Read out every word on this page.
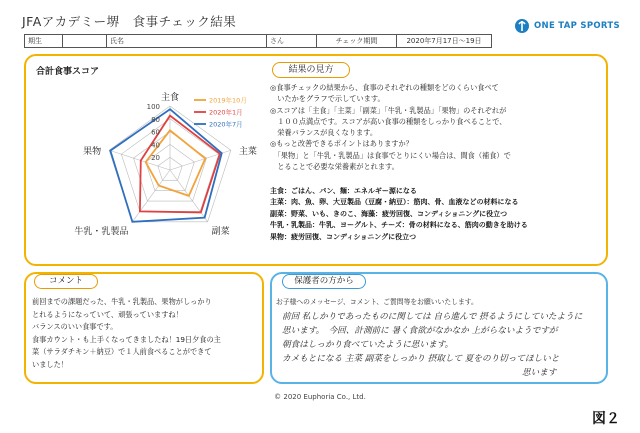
JFAアカデミー堺　食事チェック結果	ONE TAP SPORTS
期生		氏名	さん	チェック期間	2020年7月17日～19日
合計食事スコア
100
80
60
40
20
主食
主菜
副菜
牛乳・乳製品
果物
2019年10月
2020年1月
2020年7月
結果の見方

◎食事チェックの結果から、食事のそれぞれの種類をどのくらい食べて

　いたかをグラフで示しています。

◎スコアは「主食」「主菜」「副菜」「牛乳・乳製品」「果物」のそれぞれが

　１００点満点です。スコアが高い食事の種類をしっかり食べることで、

　栄養バランスが良くなります。

◎もっと改善できるポイントはありますか？

　「果物」と「牛乳・乳製品」は食事でとりにくい場合は、間食（補食）で

　とることで必要な栄養素がとれます。

主食：ごはん、パン、麺：エネルギー源になる

主菜：肉、魚、卵、大豆製品（豆腐・納豆）：筋肉、骨、血液などの材料になる

副菜：野菜、いも、きのこ、海藻：疲労回復、コンディショニングに役立つ

牛乳・乳製品：牛乳、ヨーグルト、チーズ：骨の材料になる、筋肉の動きを助ける

果物：疲労回復、コンディショニングに役立つ

コメント

前回までの課題だった、牛乳・乳製品、果物がしっかり

とれるようになっていて、頑張っていますね！

バランスのいい食事です。

食事カウント・も上手くなってきましたね！19日夕食の主

菜（サラダチキン＋納豆）で１人前食べることができて

いました！

保護者の方から
お子様へのメッセージ、コメント、ご質問等をお願いいたします。

前回 私しかりであったものに関しては 自ら進んで 摂るようにしていたように

思います。　今回、計測前に 暑く食欲がなかなか 上がらないようですが

朝食はしっかり食べていたように思います。

カメもとになる 主菜 副菜をしっかり 摂取して 夏をのり切ってほしいと

思います

© 2020 Euphoria Co., Ltd.
図２
